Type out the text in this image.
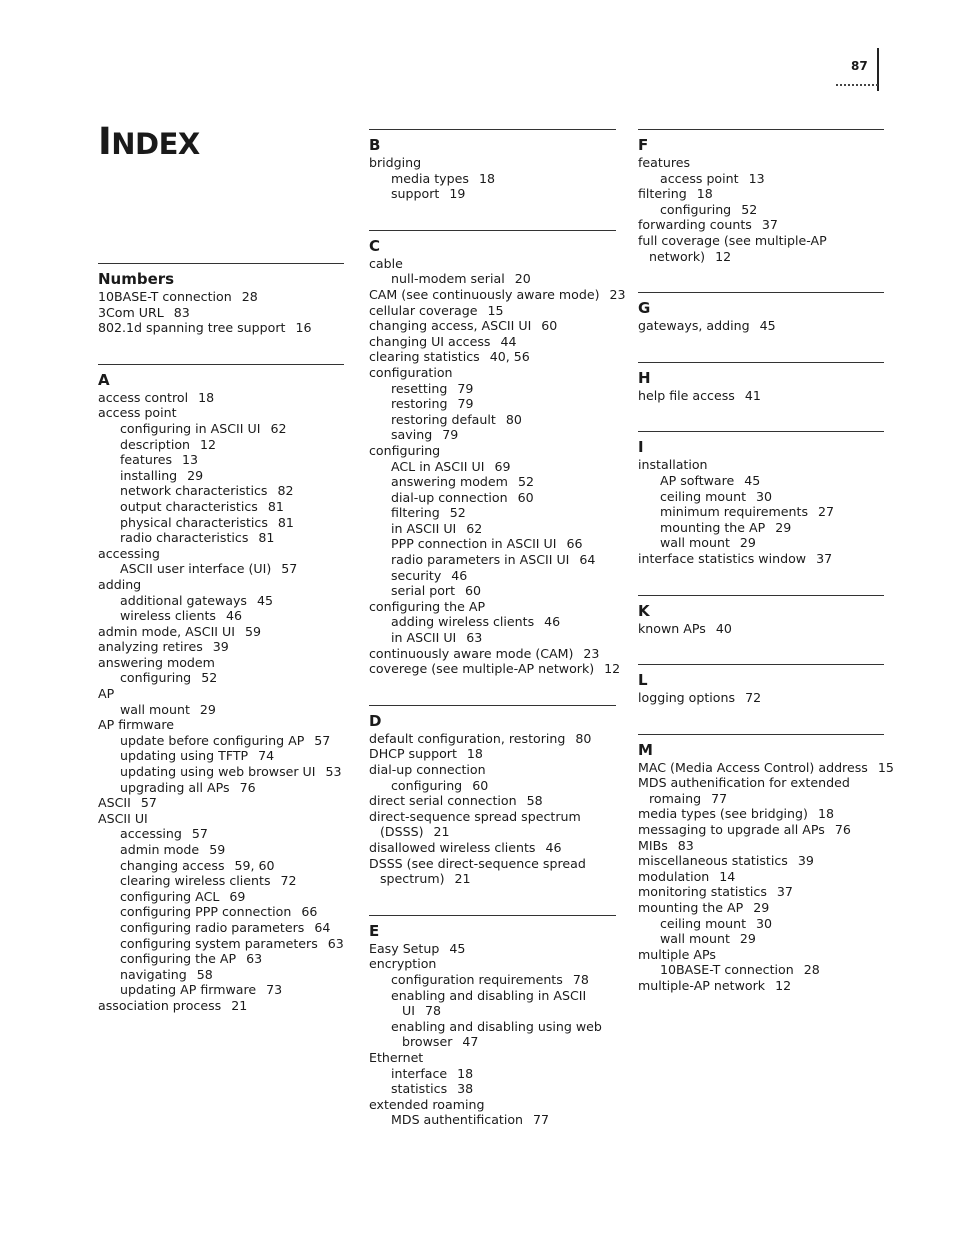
87
INDEX
Numbers
10BASE-T connection 28
3Com URL 83
802.1d spanning tree support 16
A
access control 18
access point
configuring in ASCII UI 62
description 12
features 13
installing 29
network characteristics 82
output characteristics 81
physical characteristics 81
radio characteristics 81
accessing
ASCII user interface (UI) 57
adding
additional gateways 45
wireless clients 46
admin mode, ASCII UI 59
analyzing retires 39
answering modem
configuring 52
AP
wall mount 29
AP firmware
update before configuring AP 57
updating using TFTP 74
updating using web browser UI 53
upgrading all APs 76
ASCII 57
ASCII UI
accessing 57
admin mode 59
changing access 59, 60
clearing wireless clients 72
configuring ACL 69
configuring PPP connection 66
configuring radio parameters 64
configuring system parameters 63
configuring the AP 63
navigating 58
updating AP firmware 73
association process 21
B
bridging
media types 18
support 19
C
cable
null-modem serial 20
CAM (see continuously aware mode) 23
cellular coverage 15
changing access, ASCII UI 60
changing UI access 44
clearing statistics 40, 56
configuration
resetting 79
restoring 79
restoring default 80
saving 79
configuring
ACL in ASCII UI 69
answering modem 52
dial-up connection 60
filtering 52
in ASCII UI 62
PPP connection in ASCII UI 66
radio parameters in ASCII UI 64
security 46
serial port 60
configuring the AP
adding wireless clients 46
in ASCII UI 63
continuously aware mode (CAM) 23
coverege (see multiple-AP network) 12
D
default configuration, restoring 80
DHCP support 18
dial-up connection
configuring 60
direct serial connection 58
direct-sequence spread spectrum
(DSSS) 21
disallowed wireless clients 46
DSSS (see direct-sequence spread
spectrum) 21
E
Easy Setup 45
encryption
configuration requirements 78
enabling and disabling in ASCII
UI 78
enabling and disabling using web
browser 47
Ethernet
interface 18
statistics 38
extended roaming
MDS authentification 77
F
features
access point 13
filtering 18
configuring 52
forwarding counts 37
full coverage (see multiple-AP
network) 12
G
gateways, adding 45
H
help file access 41
I
installation
AP software 45
ceiling mount 30
minimum requirements 27
mounting the AP 29
wall mount 29
interface statistics window 37
K
known APs 40
L
logging options 72
M
MAC (Media Access Control) address 15
MDS authenification for extended
romaing 77
media types (see bridging) 18
messaging to upgrade all APs 76
MIBs 83
miscellaneous statistics 39
modulation 14
monitoring statistics 37
mounting the AP 29
ceiling mount 30
wall mount 29
multiple APs
10BASE-T connection 28
multiple-AP network 12
